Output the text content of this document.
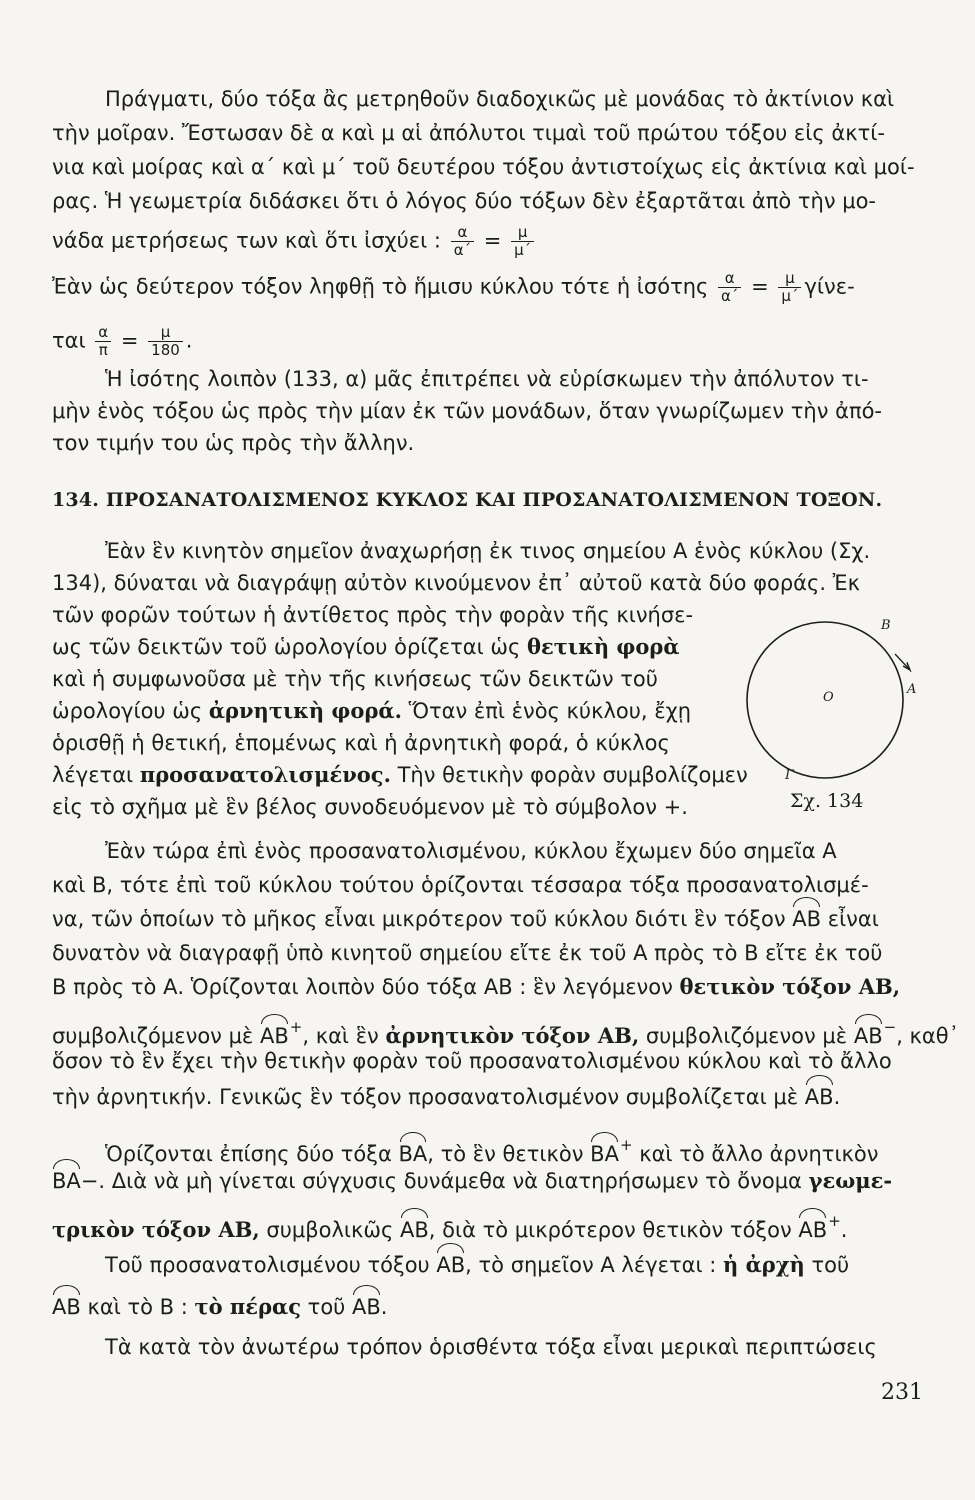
Πράγματι, δύο τόξα ἂς μετρηθοῦν διαδοχικῶς μὲ μονάδας τὸ ἀκτίνιον καὶ
τὴν μοῖραν. Ἔστωσαν δὲ α καὶ μ αἱ ἀπόλυτοι τιμαὶ τοῦ πρώτου τόξου εἰς ἀκτί-
νια καὶ μοίρας καὶ α΄ καὶ μ΄ τοῦ δευτέρου τόξου ἀντιστοίχως εἰς ἀκτίνια καὶ μοί-
ρας. Ἡ γεωμετρία διδάσκει ὅτι ὁ λόγος δύο τόξων δὲν ἐξαρτᾶται ἀπὸ τὴν μο-
νάδα μετρήσεως των καὶ ὅτι ἰσχύει : $\frac{\alpha}{\alpha΄} = \frac{\mu}{\mu΄}$
Ἐὰν ὡς δεύτερον τόξον ληφθῇ τὸ ἥμισυ κύκλου τότε ἡ ἰσότης $\frac{\alpha}{\alpha΄} = \frac{\mu}{\mu΄} \gamma ί\nu\varepsilon-$
ται $\frac{\alpha}{\pi} = \frac{\mu}{180}$ .
Ἡ ἰσότης λοιπὸν (133, α) μᾶς ἐπιτρέπει νὰ εὑρίσκωμεν τὴν ἀπόλυτον τι-
μὴν ἑνὸς τόξου ὡς πρὸς τὴν μίαν ἐκ τῶν μονάδων, ὅταν γνωρίζωμεν τὴν ἀπό-
τον τιμήν του ὡς πρὸς τὴν ἄλλην.
134. ΠΡΟΣΑΝΑΤΟΛΙΣΜΕΝΟΣ ΚΥΚΛΟΣ ΚΑΙ ΠΡΟΣΑΝΑΤΟΛΙΣΜΕΝΟΝ ΤΟΞΟΝ.
Ἐὰν ἓν κινητὸν σημεῖον ἀναχωρήσῃ ἐκ τινος σημείου Α ἑνὸς κύκλου (Σχ.
134), δύναται νὰ διαγράψῃ αὐτὸν κινούμενον ἐπ᾿ αὐτοῦ κατὰ δύο φοράς. Ἐκ
τῶν φορῶν τούτων ἡ ἀντίθετος πρὸς τὴν φορὰν τῆς κινήσε-
ως τῶν δεικτῶν τοῦ ὡρολογίου ὁρίζεται ὡς θετικὴ φορὰ
καὶ ἡ συμφωνοῦσα μὲ τὴν τῆς κινήσεως τῶν δεικτῶν τοῦ
ὡρολογίου ὡς ἀρνητικὴ φορά. Ὅταν ἐπὶ ἑνὸς κύκλου, ἔχῃ
ὁρισθῇ ἡ θετική, ἑπομένως καὶ ἡ ἀρνητικὴ φορά, ὁ κύκλος
λέγεται προσανατολισμένος. Τὴν θετικὴν φορὰν συμβολίζομεν
εἰς τὸ σχῆμα μὲ ἓν βέλος συνοδευόμενον μὲ τὸ σύμβολον +.
B
O
A
Γ
Σχ. 134
Ἐὰν τώρα ἐπὶ ἑνὸς προσανατολισμένου, κύκλου ἔχωμεν δύο σημεῖα Α
καὶ Β, τότε ἐπὶ τοῦ κύκλου τούτου ὁρίζονται τέσσαρα τόξα προσανατολισμέ-
να, τῶν ὁποίων τὸ μῆκος εἶναι μικρότερον τοῦ κύκλου διότι ἓν τόξον ΑΒ εἶναι
δυνατὸν νὰ διαγραφῇ ὑπὸ κινητοῦ σημείου εἴτε ἐκ τοῦ Α πρὸς τὸ Β εἴτε ἐκ τοῦ
Β πρὸς τὸ Α. Ὁρίζονται λοιπὸν δύο τόξα ΑΒ : ἓν λεγόμενον θετικὸν τόξον ΑΒ,
συμβολιζόμενον μὲ ΑΒ+, καὶ ἓν ἀρνητικὸν τόξον ΑΒ, συμβολιζόμενον μὲ ΑΒ−, καθ᾿
ὅσον τὸ ἓν ἔχει τὴν θετικὴν φορὰν τοῦ προσανατολισμένου κύκλου καὶ τὸ ἄλλο
τὴν ἀρνητικήν. Γενικῶς ἓν τόξον προσανατολισμένον συμβολίζεται μὲ ΑΒ.
Ὁρίζονται ἐπίσης δύο τόξα ΒΑ, τὸ ἓν θετικὸν ΒΑ+ καὶ τὸ ἄλλο ἀρνητικὸν
ΒΑ−. Διὰ νὰ μὴ γίνεται σύγχυσις δυνάμεθα νὰ διατηρήσωμεν τὸ ὄνομα γεωμε-
τρικὸν τόξον ΑΒ, συμβολικῶς ΑΒ, διὰ τὸ μικρότερον θετικὸν τόξον ΑΒ+.
Τοῦ προσανατολισμένου τόξου ΑΒ, τὸ σημεῖον Α λέγεται : ἡ ἀρχὴ τοῦ
ΑΒ καὶ τὸ Β : τὸ πέρας τοῦ ΑΒ.
Τὰ κατὰ τὸν ἀνωτέρω τρόπον ὁρισθέντα τόξα εἶναι μερικαὶ περιπτώσεις
231
